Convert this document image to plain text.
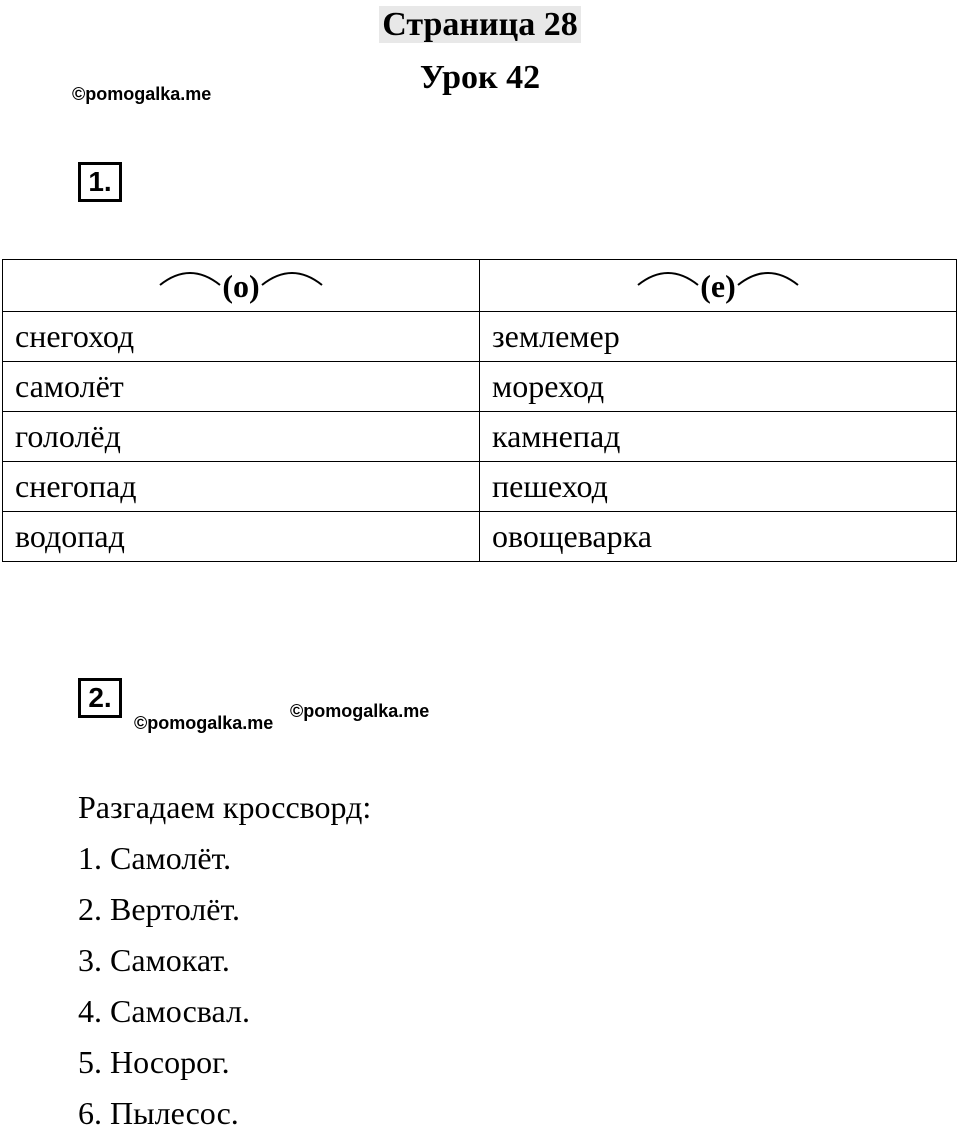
Страница 28
Урок 42
©pomogalka.me
1.
(о)	(е)
снегоход	землемер
самолёт	мореход
гололёд	камнепад
снегопад	пешеход
водопад	овощеварка
2.
©pomogalka.me
©pomogalka.me
Разгадаем кроссворд:
1. Самолёт.
2. Вертолёт.
3. Самокат.
4. Самосвал.
5. Носорог.
6. Пылесос.
